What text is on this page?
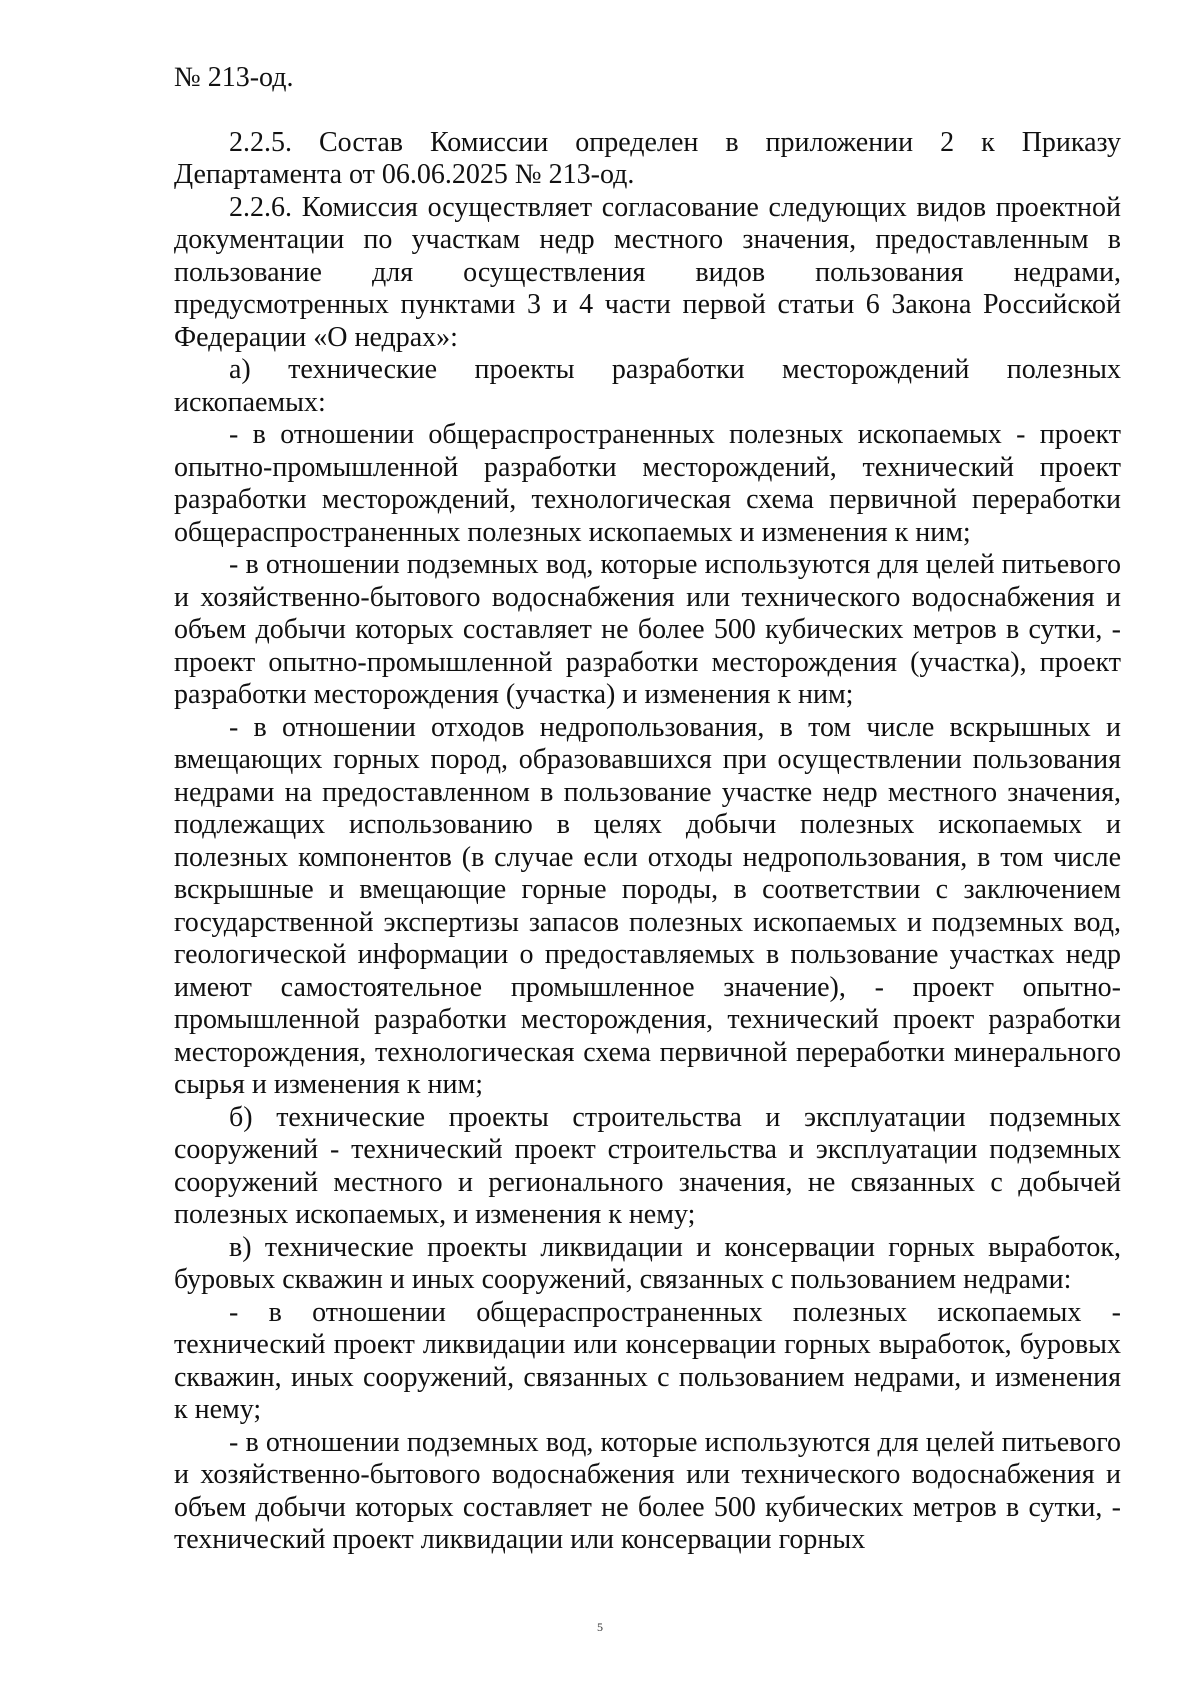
№ 213-од.

2.2.5. Состав Комиссии определен в приложении 2 к Приказу Департамента от 06.06.2025 № 213-од.

2.2.6. Комиссия осуществляет согласование следующих видов проектной документации по участкам недр местного значения, предоставленным в пользование для осуществления видов пользования недрами, предусмотренных пунктами 3 и 4 части первой статьи 6 Закона Российской Федерации «О недрах»:

а) технические проекты разработки месторождений полезных ископаемых:

- в отношении общераспространенных полезных ископаемых - проект опытно-промышленной разработки месторождений, технический проект разработки месторождений, технологическая схема первичной переработки общераспространенных полезных ископаемых и изменения к ним;

- в отношении подземных вод, которые используются для целей питьевого и хозяйственно-бытового водоснабжения или технического водоснабжения и объем добычи которых составляет не более 500 кубических метров в сутки, - проект опытно-промышленной разработки месторождения (участка), проект разработки месторождения (участка) и изменения к ним;

- в отношении отходов недропользования, в том числе вскрышных и вмещающих горных пород, образовавшихся при осуществлении пользования недрами на предоставленном в пользование участке недр местного значения, подлежащих использованию в целях добычи полезных ископаемых и полезных компонентов (в случае если отходы недропользования, в том числе вскрышные и вмещающие горные породы, в соответствии с заключением государственной экспертизы запасов полезных ископаемых и подземных вод, геологической информации о предоставляемых в пользование участках недр имеют самостоятельное промышленное значение), - проект опытно-промышленной разработки месторождения, технический проект разработки месторождения, технологическая схема первичной переработки минерального сырья и изменения к ним;

б) технические проекты строительства и эксплуатации подземных сооружений - технический проект строительства и эксплуатации подземных сооружений местного и регионального значения, не связанных с добычей полезных ископаемых, и изменения к нему;

в) технические проекты ликвидации и консервации горных выработок, буровых скважин и иных сооружений, связанных с пользованием недрами:

- в отношении общераспространенных полезных ископаемых - технический проект ликвидации или консервации горных выработок, буровых скважин, иных сооружений, связанных с пользованием недрами, и изменения к нему;

- в отношении подземных вод, которые используются для целей питьевого и хозяйственно-бытового водоснабжения или технического водоснабжения и объем добычи которых составляет не более 500 кубических метров в сутки, - технический проект ликвидации или консервации горных

5
